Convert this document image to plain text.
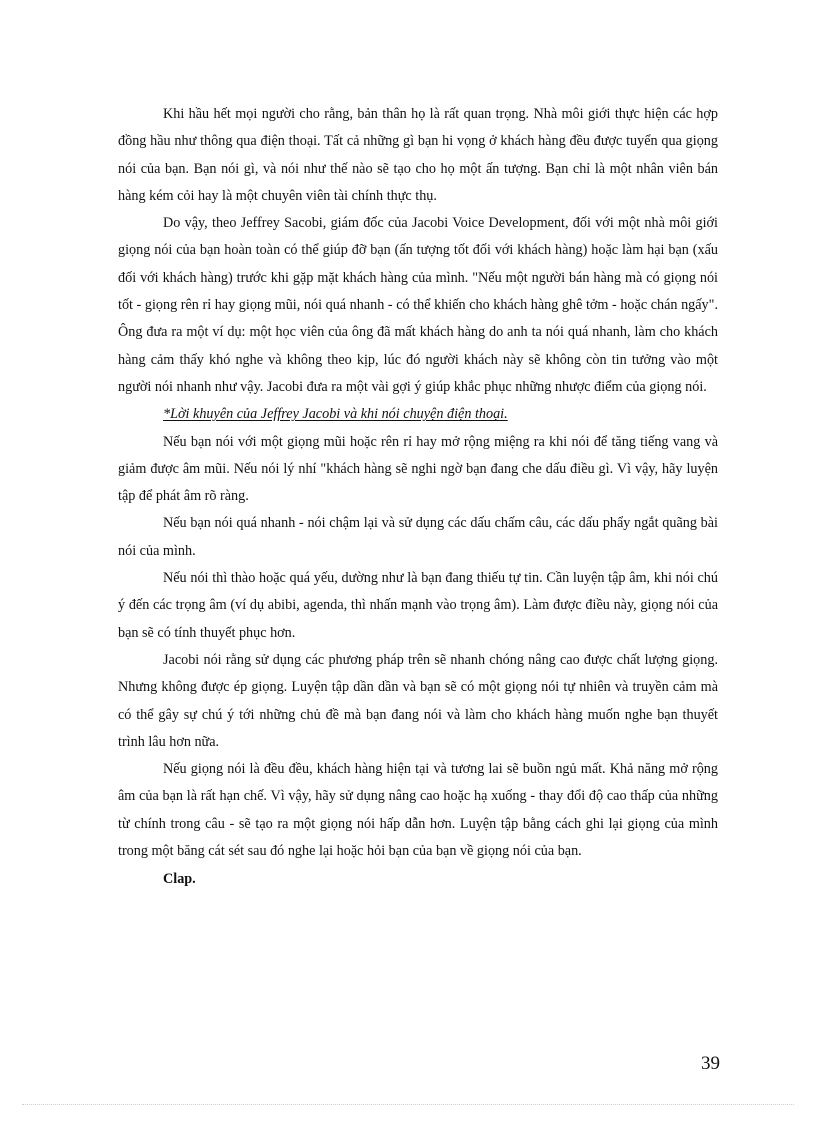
Khi hầu hết mọi người cho rằng, bản thân họ là rất quan trọng. Nhà môi giới thực hiện các hợp đồng hầu như thông qua điện thoại. Tất cả những gì bạn hi vọng ở khách hàng đều được tuyển qua giọng nói của bạn. Bạn nói gì, và nói như thế nào sẽ tạo cho họ một ấn tượng. Bạn chỉ là một nhân viên bán hàng kém cỏi hay là một chuyên viên tài chính thực thụ.

Do vậy, theo Jeffrey Sacobi, giám đốc của Jacobi Voice Development, đối với một nhà môi giới giọng nói của bạn hoàn toàn có thể giúp đỡ bạn (ấn tượng tốt đối với khách hàng) hoặc làm hại bạn (xấu đối với khách hàng) trước khi gặp mặt khách hàng của mình. "Nếu một người bán hàng mà có giọng nói tốt - giọng rên rỉ hay giọng mũi, nói quá nhanh - có thể khiến cho khách hàng ghê tởm - hoặc chán ngấy". Ông đưa ra một ví dụ: một học viên của ông đã mất khách hàng do anh ta nói quá nhanh, làm cho khách hàng cảm thấy khó nghe và không theo kịp, lúc đó người khách này sẽ không còn tin tưởng vào một người nói nhanh như vậy. Jacobi đưa ra một vài gợi ý giúp khắc phục những nhược điểm của giọng nói.

*Lời khuyên của Jeffrey Jacobi và khi nói chuyện điện thoại.

Nếu bạn nói với một giọng mũi hoặc rên rỉ hay mở rộng miệng ra khi nói để tăng tiếng vang và giảm được âm mũi. Nếu nói lý nhí "khách hàng sẽ nghi ngờ bạn đang che dấu điều gì. Vì vậy, hãy luyện tập để phát âm rõ ràng.

Nếu bạn nói quá nhanh - nói chậm lại và sử dụng các dấu chấm câu, các dấu phẩy ngắt quãng bài nói của mình.

Nếu nói thì thào hoặc quá yếu, dường như là bạn đang thiếu tự tin. Cần luyện tập âm, khi nói chú ý đến các trọng âm (ví dụ abibi, agenda, thì nhấn mạnh vào trọng âm). Làm được điều này, giọng nói của bạn sẽ có tính thuyết phục hơn.

Jacobi nói rằng sử dụng các phương pháp trên sẽ nhanh chóng nâng cao được chất lượng giọng. Nhưng không được ép giọng. Luyện tập dần dần và bạn sẽ có một giọng nói tự nhiên và truyền cảm mà có thể gây sự chú ý tới những chủ đề mà bạn đang nói và làm cho khách hàng muốn nghe bạn thuyết trình lâu hơn nữa.

Nếu giọng nói là đều đều, khách hàng hiện tại và tương lai sẽ buồn ngủ mất. Khả năng mở rộng âm của bạn là rất hạn chế. Vì vậy, hãy sử dụng nâng cao hoặc hạ xuống - thay đổi độ cao thấp của những từ chính trong câu - sẽ tạo ra một giọng nói hấp dẫn hơn. Luyện tập bằng cách ghi lại giọng của mình trong một băng cát sét sau đó nghe lại hoặc hỏi bạn của bạn về giọng nói của bạn.

Clap.

39
